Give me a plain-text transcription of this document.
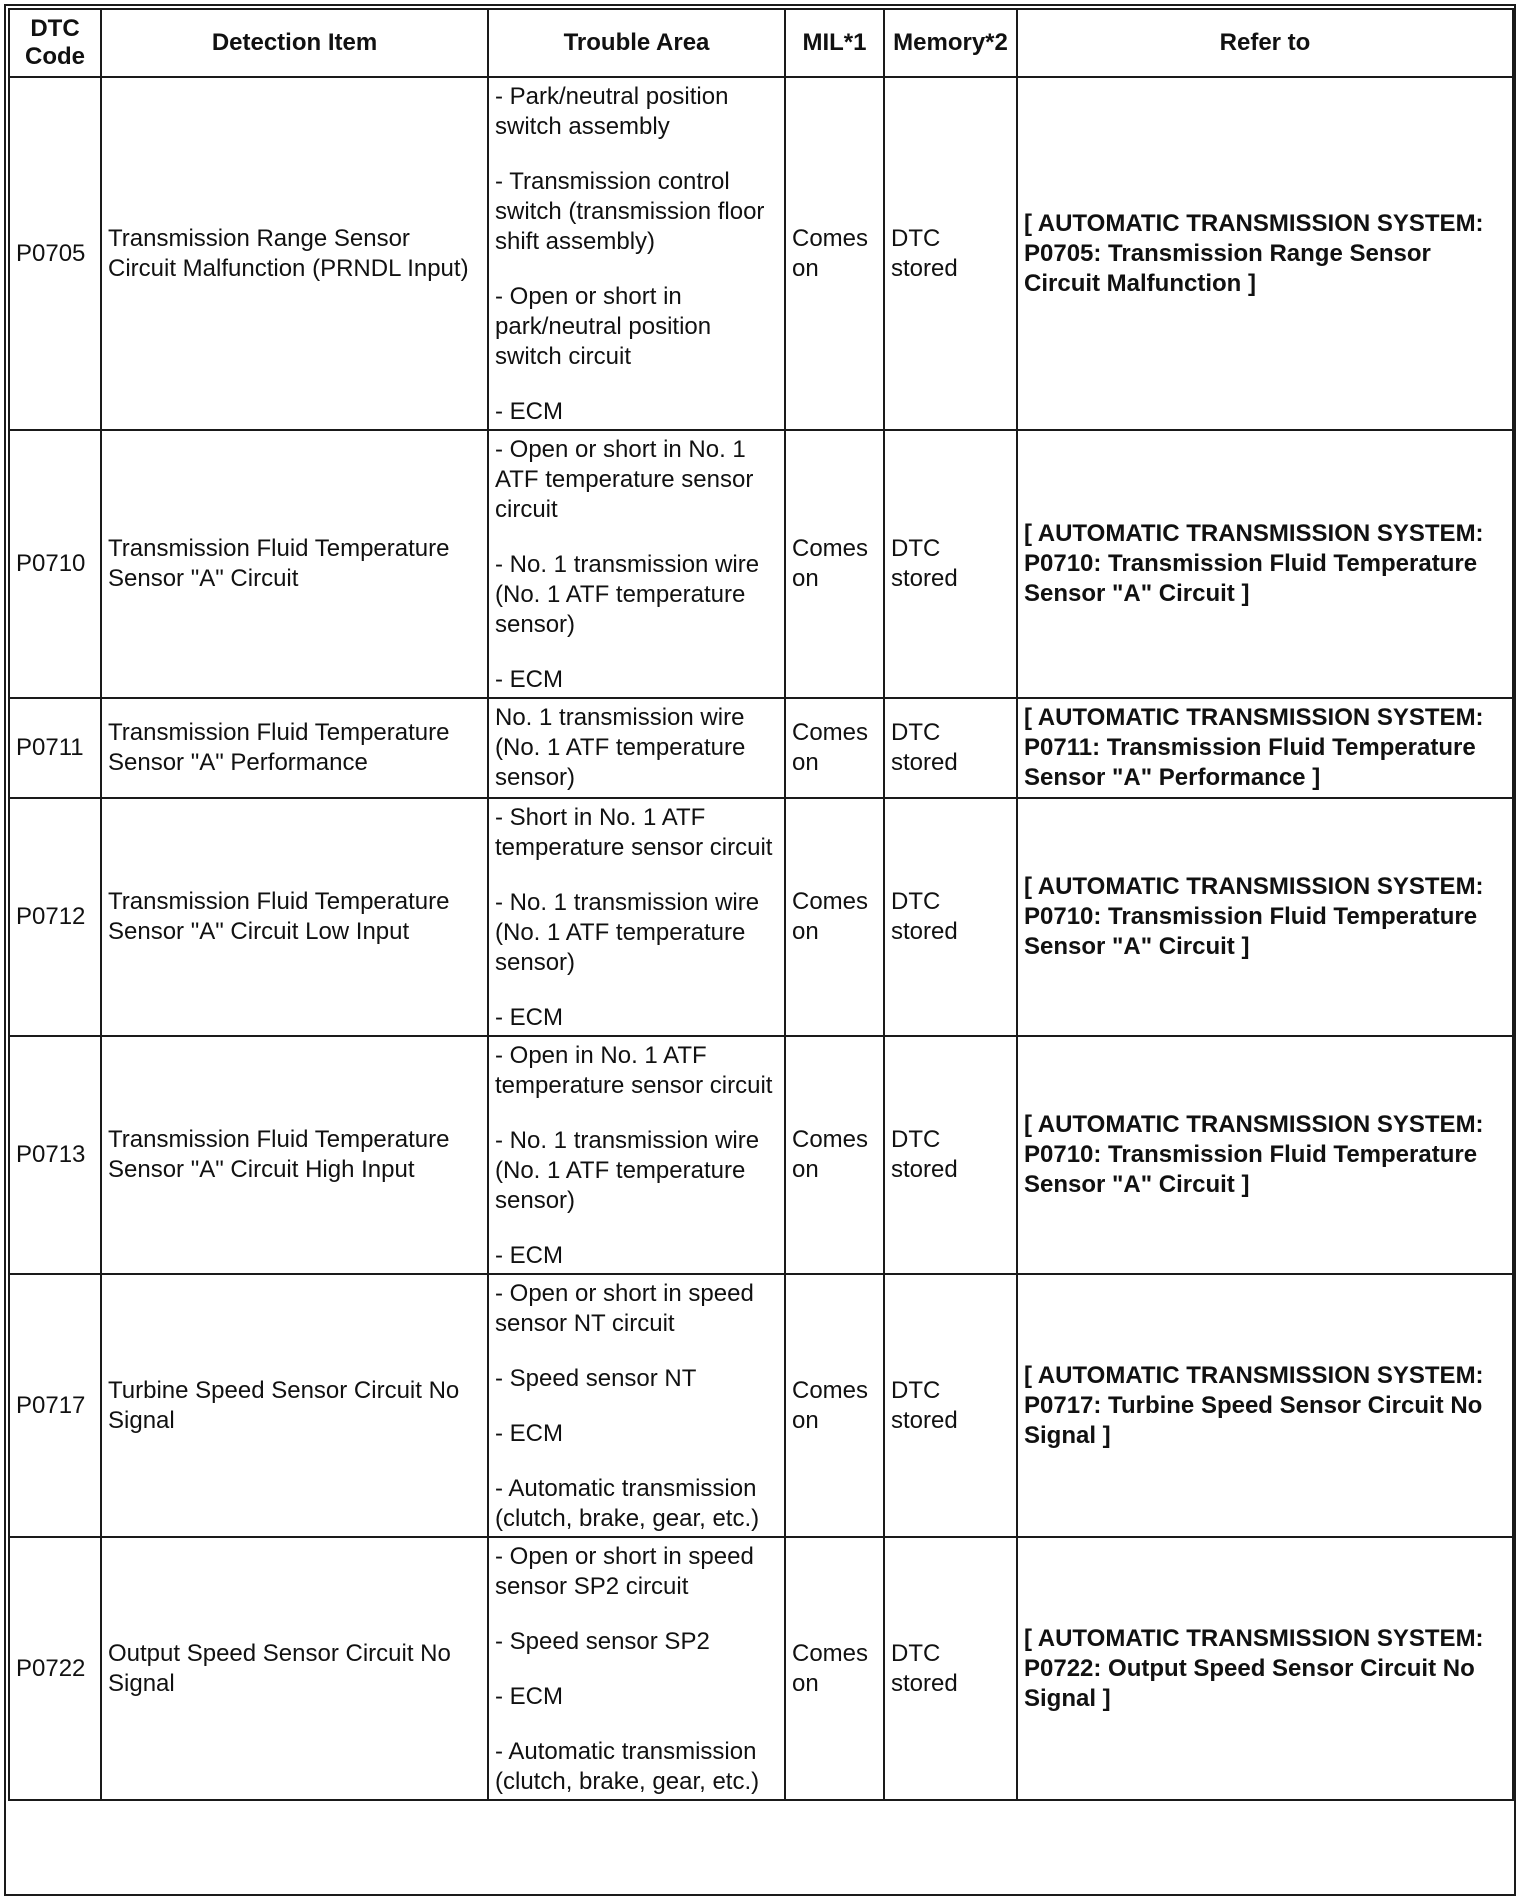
DTC Code	Detection Item	Trouble Area	MIL*1	Memory*2	Refer to
P0705	Transmission Range Sensor Circuit Malfunction (PRNDL Input)	- Park/neutral position switch assembly
- Transmission control switch (transmission floor shift assembly)
- Open or short in park/neutral position switch circuit
- ECM	Comes on	DTC stored	[ AUTOMATIC TRANSMISSION SYSTEM: P0705: Transmission Range Sensor Circuit Malfunction ]
P0710	Transmission Fluid Temperature Sensor "A" Circuit	- Open or short in No. 1 ATF temperature sensor circuit
- No. 1 transmission wire (No. 1 ATF temperature sensor)
- ECM	Comes on	DTC stored	[ AUTOMATIC TRANSMISSION SYSTEM: P0710: Transmission Fluid Temperature Sensor "A" Circuit ]
P0711	Transmission Fluid Temperature Sensor "A" Performance	No. 1 transmission wire (No. 1 ATF temperature sensor)	Comes on	DTC stored	[ AUTOMATIC TRANSMISSION SYSTEM: P0711: Transmission Fluid Temperature Sensor "A" Performance ]
P0712	Transmission Fluid Temperature Sensor "A" Circuit Low Input	- Short in No. 1 ATF temperature sensor circuit
- No. 1 transmission wire (No. 1 ATF temperature sensor)
- ECM	Comes on	DTC stored	[ AUTOMATIC TRANSMISSION SYSTEM: P0710: Transmission Fluid Temperature Sensor "A" Circuit ]
P0713	Transmission Fluid Temperature Sensor "A" Circuit High Input	- Open in No. 1 ATF temperature sensor circuit
- No. 1 transmission wire (No. 1 ATF temperature sensor)
- ECM	Comes on	DTC stored	[ AUTOMATIC TRANSMISSION SYSTEM: P0710: Transmission Fluid Temperature Sensor "A" Circuit ]
P0717	Turbine Speed Sensor Circuit No Signal	- Open or short in speed sensor NT circuit
- Speed sensor NT
- ECM
- Automatic transmission (clutch, brake, gear, etc.)	Comes on	DTC stored	[ AUTOMATIC TRANSMISSION SYSTEM: P0717: Turbine Speed Sensor Circuit No Signal ]
P0722	Output Speed Sensor Circuit No Signal	- Open or short in speed sensor SP2 circuit
- Speed sensor SP2
- ECM
- Automatic transmission (clutch, brake, gear, etc.)	Comes on	DTC stored	[ AUTOMATIC TRANSMISSION SYSTEM: P0722: Output Speed Sensor Circuit No Signal ]
